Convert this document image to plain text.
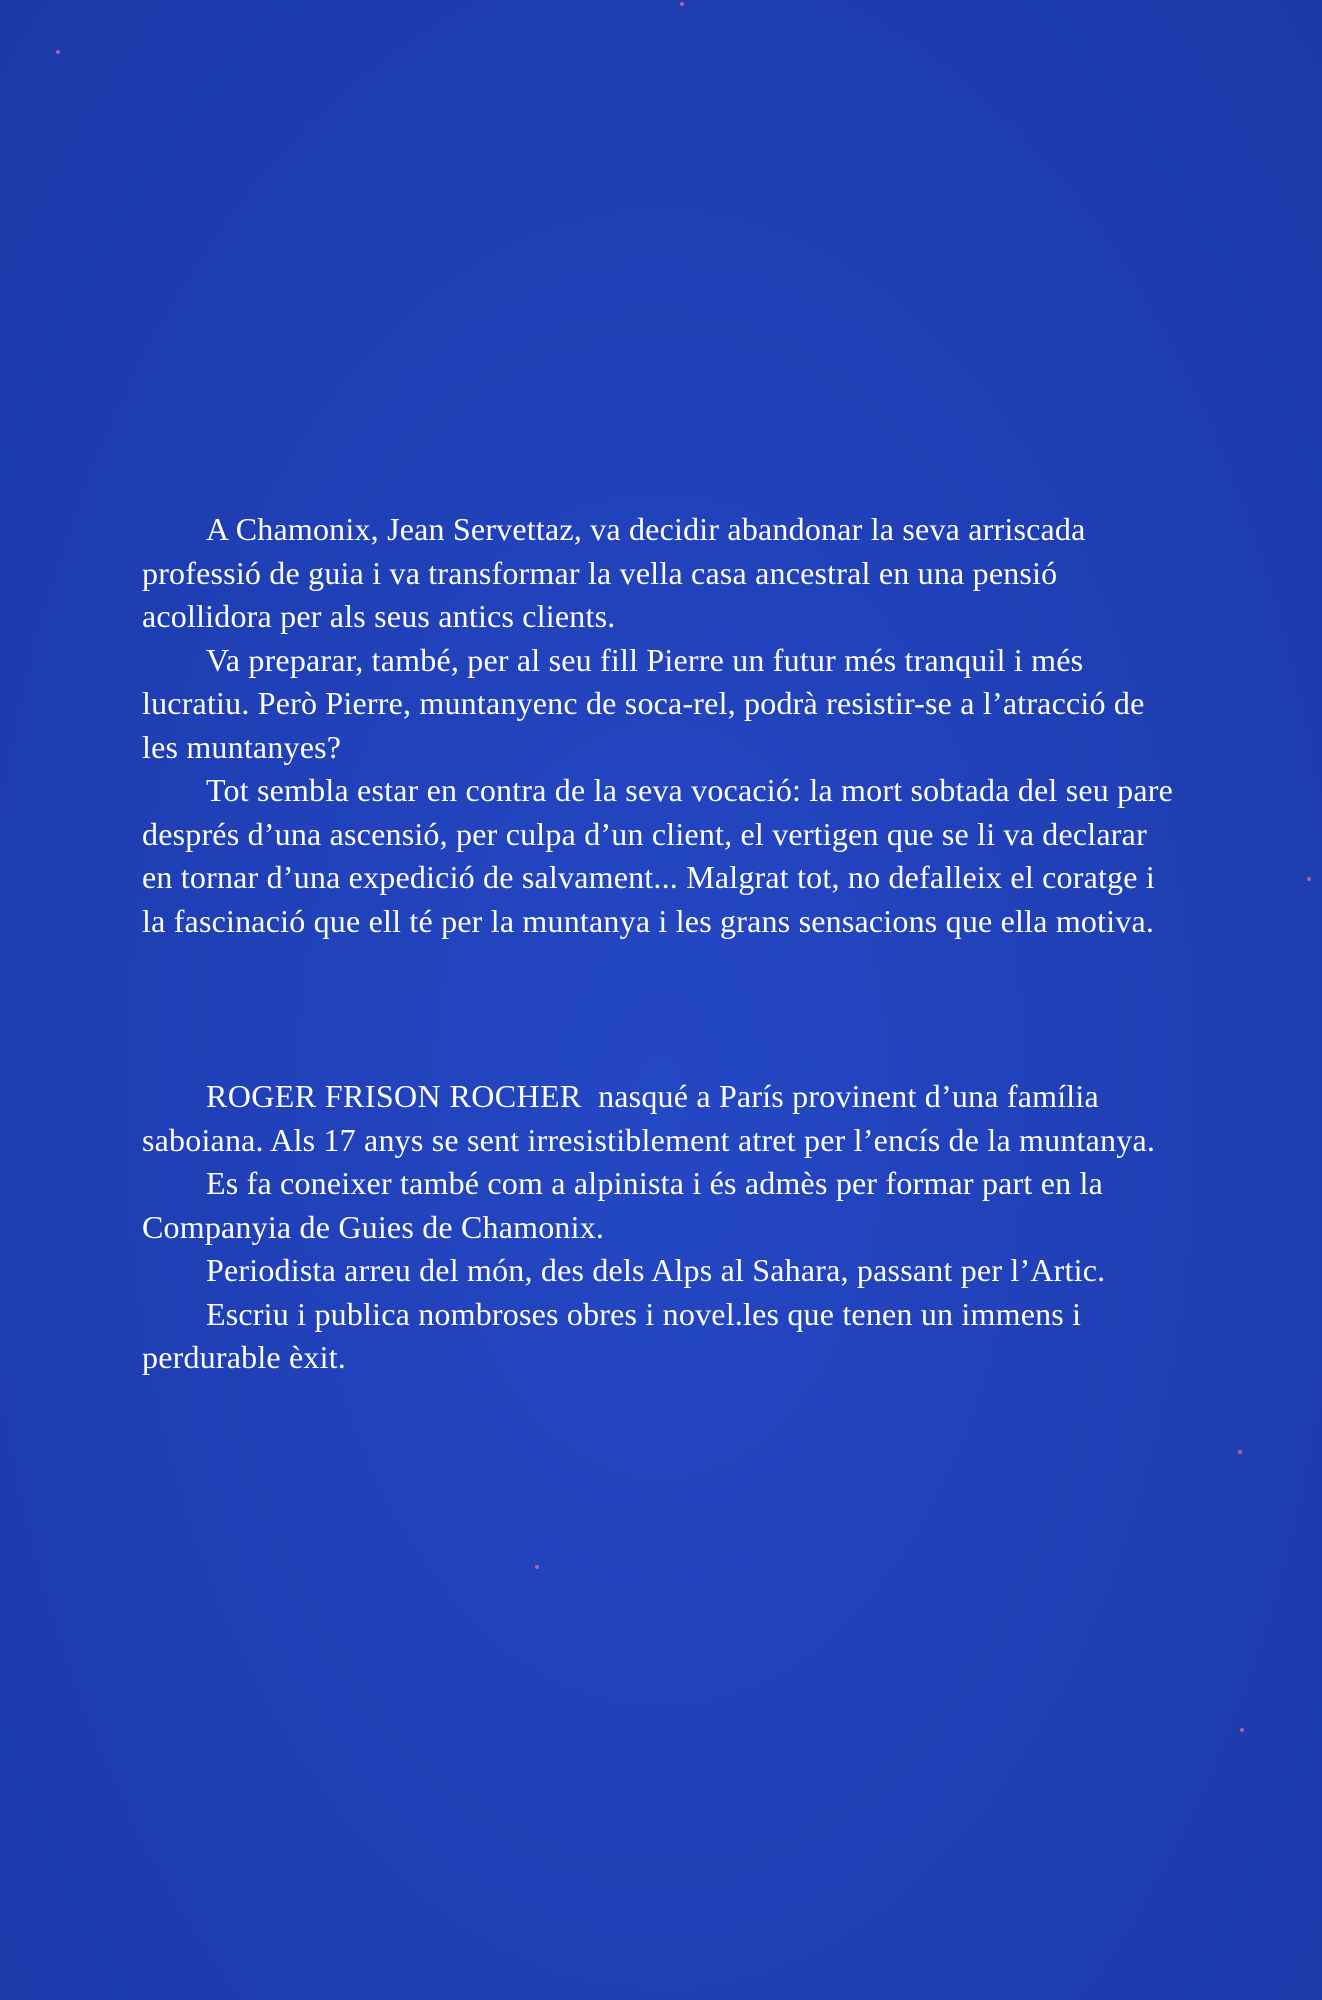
A Chamonix, Jean Servettaz, va decidir abandonar la seva arriscada professió de guia i va transformar la vella casa ancestral en una pensió acollidora per als seus antics clients.

Va preparar, també, per al seu fill Pierre un futur més tranquil i més lucratiu. Però Pierre, muntanyenc de soca-rel, podrà resistir-se a l’atracció de les muntanyes?

Tot sembla estar en contra de la seva vocació: la mort sobtada del seu pare després d’una ascensió, per culpa d’un client, el vertigen que se li va declarar en tornar d’una expedició de salvament... Malgrat tot, no defalleix el coratge i la fascinació que ell té per la muntanya i les grans sensacions que ella motiva.

ROGER FRISON ROCHER nasqué a París provinent d’una família saboiana. Als 17 anys se sent irresistiblement atret per l’encís de la muntanya.

Es fa coneixer també com a alpinista i és admès per formar part en la Companyia de Guies de Chamonix.

Periodista arreu del món, des dels Alps al Sahara, passant per l’Artic.

Escriu i publica nombroses obres i novel.les que tenen un immens i perdurable èxit.
